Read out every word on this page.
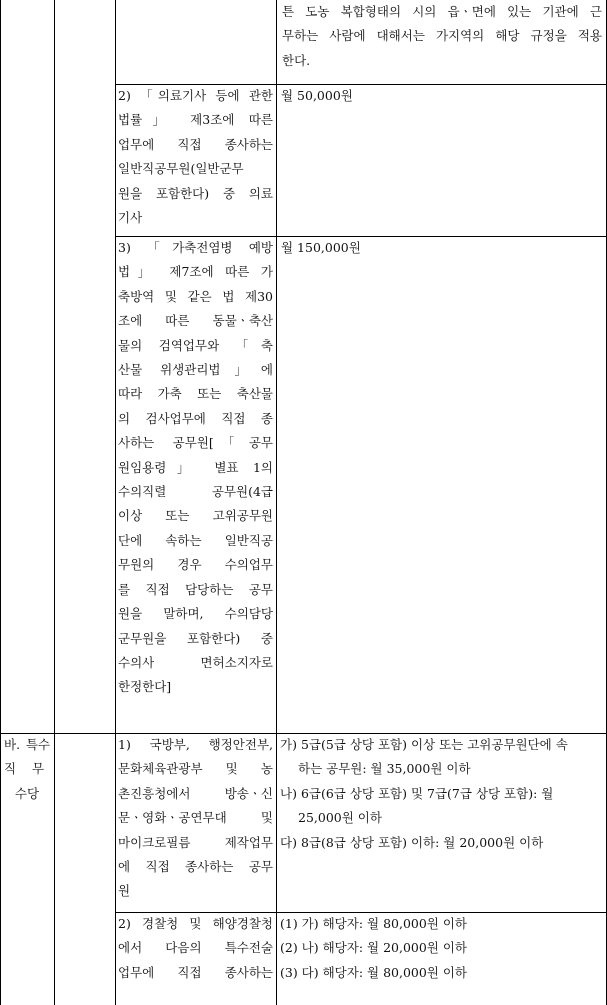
튼 도농 복합형태의 시의 읍ㆍ면에 있는 기관에 근
무하는 사람에 대해서는 가지역의 해당 규정을 적용
한다.
2) 「의료기사 등에 관한
법률」 제3조에 따른
업무에 직접 종사하는
일반직공무원(일반군무
원을 포함한다) 중 의료
기사
월 50,000원
3) 「가축전염병 예방
법」 제7조에 따른 가
축방역 및 같은 법 제30
조에 따른 동물ㆍ축산
물의 검역업무와 「축
산물 위생관리법」에
따라 가축 또는 축산물
의 검사업무에 직접 종
사하는 공무원[「공무
원임용령」 별표 1의
수의직렬 공무원(4급
이상 또는 고위공무원
단에 속하는 일반직공
무원의 경우 수의업무
를 직접 담당하는 공무
원을 말하며, 수의담당
군무원을 포함한다) 중
수의사 면허소지자로
한정한다]
월 150,000원
바. 특수
직 무
수당
1) 국방부, 행정안전부,
문화체육관광부 및 농
촌진흥청에서 방송ㆍ신
문ㆍ영화ㆍ공연무대 및
마이크로필름 제작업무
에 직접 종사하는 공무
원
가) 5급(5급 상당 포함) 이상 또는 고위공무원단에 속
하는 공무원: 월 35,000원 이하
나) 6급(6급 상당 포함) 및 7급(7급 상당 포함): 월
25,000원 이하
다) 8급(8급 상당 포함) 이하: 월 20,000원 이하
2) 경찰청 및 해양경찰청
에서 다음의 특수전술
업무에 직접 종사하는
(1) 가) 해당자: 월 80,000원 이하
(2) 나) 해당자: 월 20,000원 이하
(3) 다) 해당자: 월 80,000원 이하
